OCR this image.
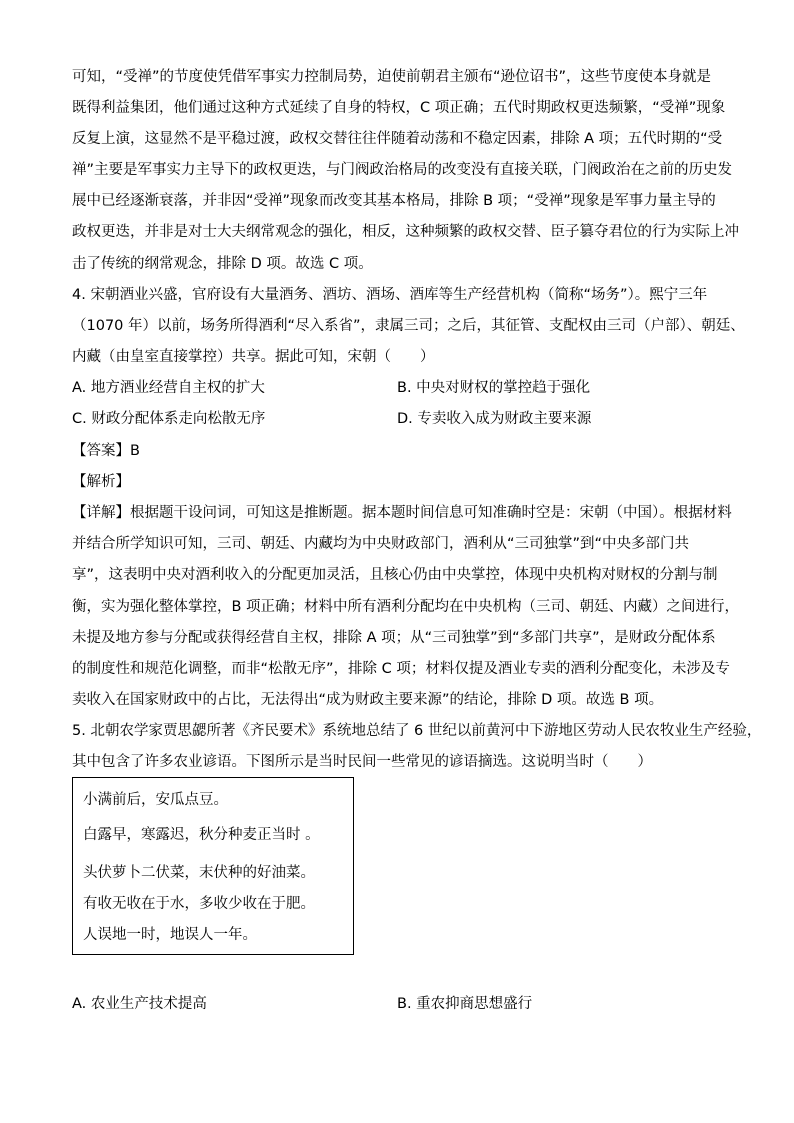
可知，“受禅”的节度使凭借军事实力控制局势，迫使前朝君主颁布“逊位诏书”，这些节度使本身就是
既得利益集团，他们通过这种方式延续了自身的特权，C 项正确；五代时期政权更迭频繁，“受禅”现象
反复上演，这显然不是平稳过渡，政权交替往往伴随着动荡和不稳定因素，排除 A 项；五代时期的“受
禅”主要是军事实力主导下的政权更迭，与门阀政治格局的改变没有直接关联，门阀政治在之前的历史发
展中已经逐渐衰落，并非因“受禅”现象而改变其基本格局，排除 B 项；“受禅”现象是军事力量主导的
政权更迭，并非是对士大夫纲常观念的强化，相反，这种频繁的政权交替、臣子篡夺君位的行为实际上冲
击了传统的纲常观念，排除 D 项。故选 C 项。
4. 宋朝酒业兴盛，官府设有大量酒务、酒坊、酒场、酒库等生产经营机构（简称“场务”）。熙宁三年
（1070 年）以前，场务所得酒利“尽入系省”，隶属三司；之后，其征管、支配权由三司（户部）、朝廷、
内藏（由皇室直接掌控）共享。据此可知，宋朝（　　）
A. 地方酒业经营自主权的扩大	B. 中央对财权的掌控趋于强化
C. 财政分配体系走向松散无序	D. 专卖收入成为财政主要来源
【答案】B
【解析】
【详解】根据题干设问词，可知这是推断题。据本题时间信息可知准确时空是：宋朝（中国）。根据材料
并结合所学知识可知，三司、朝廷、内藏均为中央财政部门，酒利从“三司独掌”到“中央多部门共
享”，这表明中央对酒利收入的分配更加灵活，且核心仍由中央掌控，体现中央机构对财权的分割与制
衡，实为强化整体掌控，B 项正确；材料中所有酒利分配均在中央机构（三司、朝廷、内藏）之间进行，
未提及地方参与分配或获得经营自主权，排除 A 项；从“三司独掌”到“多部门共享”，是财政分配体系
的制度性和规范化调整，而非“松散无序”，排除 C 项；材料仅提及酒业专卖的酒利分配变化，未涉及专
卖收入在国家财政中的占比，无法得出“成为财政主要来源”的结论，排除 D 项。故选 B 项。
5. 北朝农学家贾思勰所著《齐民要术》系统地总结了 6 世纪以前黄河中下游地区劳动人民农牧业生产经验，
其中包含了许多农业谚语。下图所示是当时民间一些常见的谚语摘选。这说明当时（　　）
小满前后，安瓜点豆。
白露早，寒露迟，秋分种麦正当时 。
头伏萝卜二伏菜，末伏种的好油菜。
有收无收在于水，多收少收在于肥。
人误地一时，地误人一年。
A. 农业生产技术提高	B. 重农抑商思想盛行
